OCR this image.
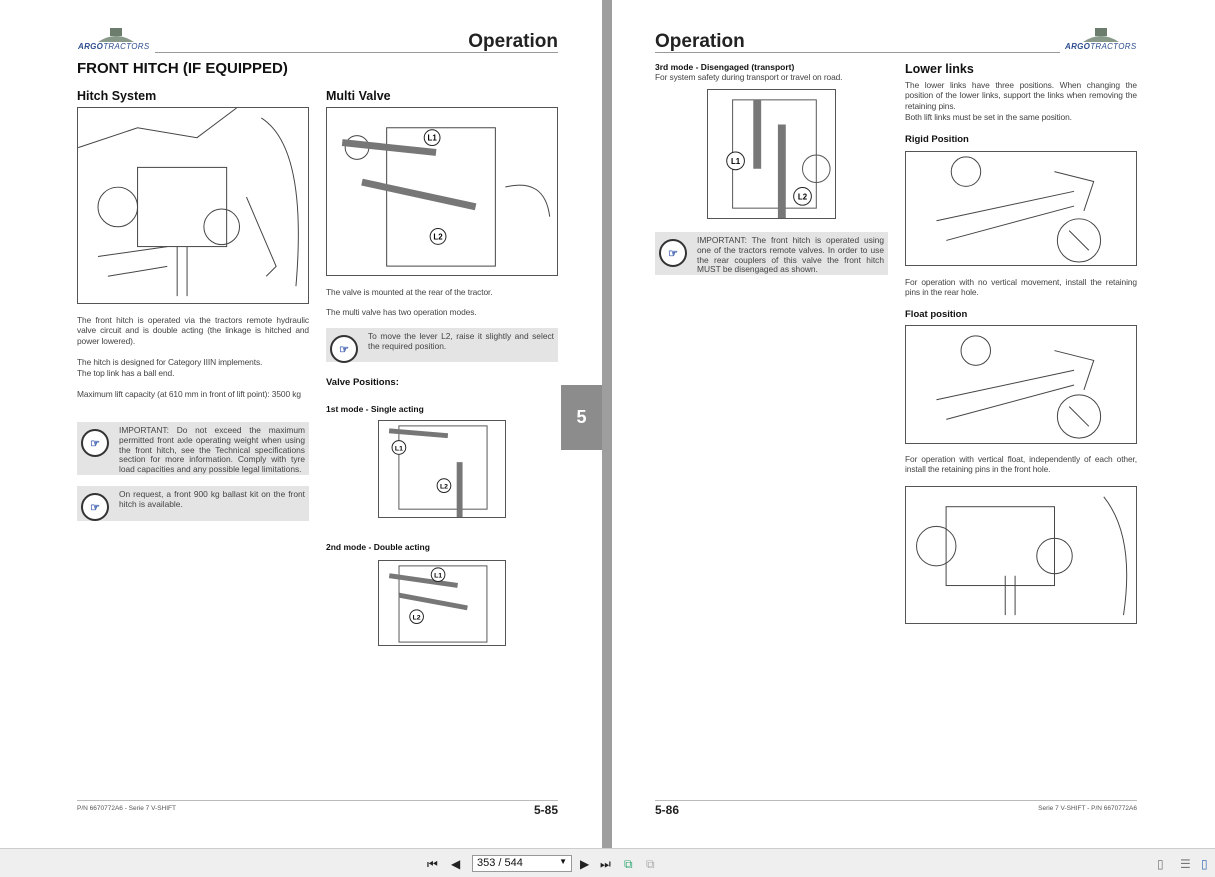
ARGOTRACTORS	Operation
FRONT HITCH (IF EQUIPPED)
Hitch System
The front hitch is operated via the tractors remote hydraulic valve circuit and is double acting (the linkage is hitched and power lowered).
The hitch is designed for Category IIIN implements.
The top link has a ball end.
Maximum lift capacity (at 610 mm in front of lift point): 3500 kg
☞
IMPORTANT: Do not exceed the maximum permitted front axle operating weight when using the front hitch, see the Technical specifications section for more information. Comply with tyre load capacities and any possible legal limitations.
☞
On request, a front 900 kg ballast kit on the front hitch is available.
Multi Valve
L1
L2
The valve is mounted at the rear of the tractor.
The multi valve has two operation modes.
☞
To move the lever L2, raise it slightly and select the required position.
Valve Positions:
1st mode - Single acting
L1
L2
2nd mode - Double acting
L1
L2
5
P/N 6670772A6 - Serie 7 V-SHIFT	5-85
Operation	ARGOTRACTORS
3rd mode - Disengaged (transport)
For system safety during transport or travel on road.
L1
L2
☞
IMPORTANT: The front hitch is operated using one of the tractors remote valves. In order to use the rear couplers of this valve the front hitch MUST be disengaged as shown.
Lower links
The lower links have three positions. When changing the position of the lower links, support the links when removing the retaining pins.
Both lift links must be set in the same position.
Rigid Position
For operation with no vertical movement, install the retaining pins in the rear hole.
Float position
For operation with vertical float, independently of each other, install the retaining pins in the front hole.
5-86	Serie 7 V-SHIFT - P/N 6670772A6
⏮ ◀	353 / 544	▼ ▶ ⏭ ⧉ ⧉	▯ ☰ ▯
